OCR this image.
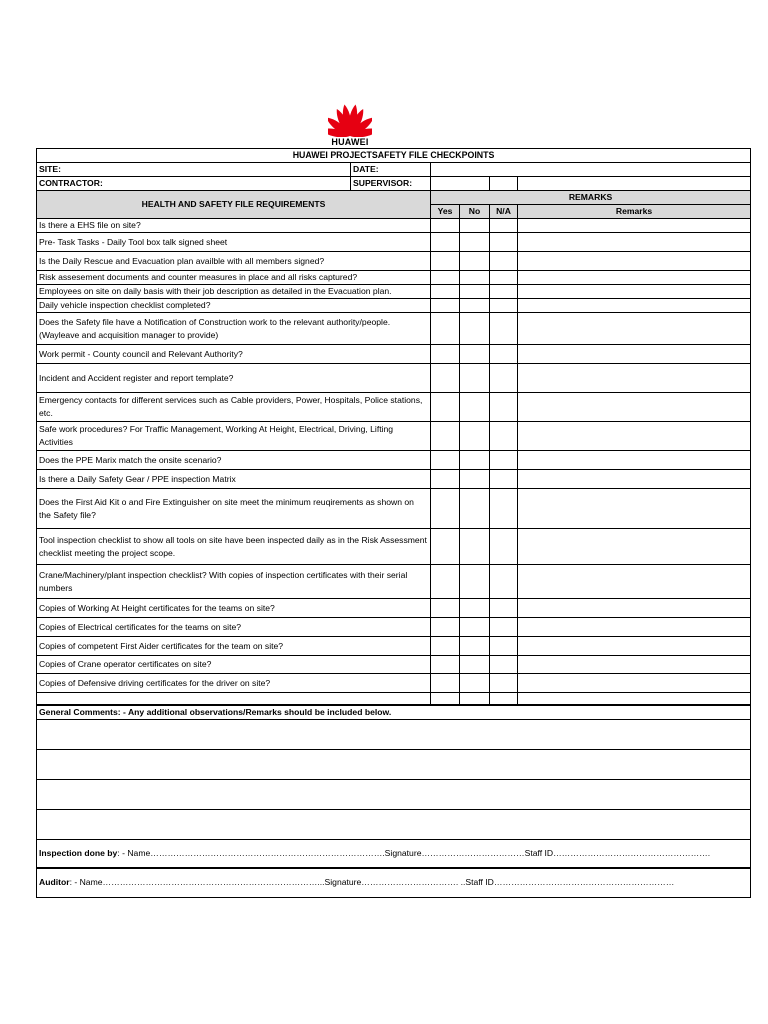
HUAWEI
HUAWEI PROJECTSAFETY FILE CHECKPOINTS					
SITE:	DATE:				
CONTRACTOR:	SUPERVISOR:				
HEALTH AND SAFETY FILE REQUIREMENTS		REMARKS			
		Yes	No	N/A	Remarks
Is there a EHS file on site?					
Pre- Task Tasks - Daily Tool box talk signed sheet					
Is the Daily Rescue and Evacuation plan availble with all members signed?					
Risk assesement documents and counter measures in place and all risks captured?					
Employees on site on daily basis with their job description as detailed in the Evacuation plan.					
Daily vehicle inspection checklist completed?					
Does the Safety file have a Notification of Construction work to the relevant authority/people. (Wayleave and acquisition manager to provide)					
Work permit - County council and Relevant Authority?					
Incident and Accident register and report template?					
Emergency contacts for different services such as Cable providers, Power, Hospitals, Police stations, etc.					
Safe work procedures? For Traffic Management, Working At Height, Electrical, Driving, Lifting Activities					
Does the PPE Marix match the onsite scenario?					
Is there a Daily Safety Gear / PPE inspection Matrix					
Does the First Aid Kit o and Fire Extinguisher on site meet the minimum reuqirements as shown on the Safety file?					
Tool inspection checklist to show all tools on site have been inspected daily as in the Risk Assessment checklist meeting the project scope.					
Crane/Machinery/plant inspection checklist? With copies of inspection certificates with their serial numbers					
Copies of Working At Height certificates for the teams on site?					
Copies of Electrical certificates for the teams on site?					
Copies of competent First Aider certificates for the team on site?					
Copies of Crane operator certificates on site?					
Copies of Defensive driving certificates for the driver on site?					

General Comments: - Any additional observations/Remarks should be included below.					

Inspection done by: - Name……………………………………………………………………….Signature………………………………Staff ID……………………………………………….					
Auditor: - Name…………………………………………………………………...Signature……………………………. ..Staff ID………………………………………………………					
